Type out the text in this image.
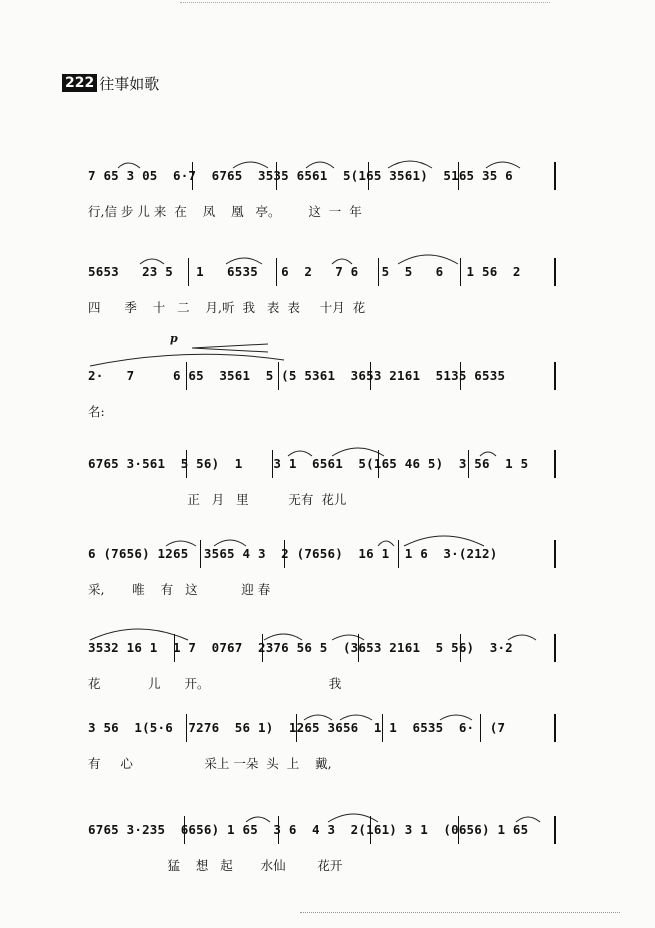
222 往事如歌
7 65 3 05  6·7  6765  3535 6561  5(165 3561)  5165 35 6
行,信 步 儿 来  在    凤    凰   亭。       这  一  年
5653   23 5   1   6535   6  2   7 6   5  5   6   1 56  2
四      季    十   二    月,听  我   表  表     十月  花
p
2·   7     6 65  3561  5 (5 5361  3653 2161  5135 6535
名:
6765 3·561  5 56)  1    3 1  6561  5(165 46 5)  3 56  1 5
正   月   里          无有  花儿
6 (7656) 1265  3565 4 3  2 (7656)  16 1  1 6  3·(212)
采,       唯    有   这           迎 春
3532 16 1  1 7  0767  2376 56 5  (3653 2161  5 56)  3·2
花            儿      开。                              我
3 56  1(5·6  7276  56 1)  1265 3656  1 1  6535  6·  (7
有     心                  采上 一朵  头  上    戴,
6765 3·235  6656) 1 65  3 6  4 3  2(161) 3 1  (0656) 1 65
猛    想   起       水仙        花开
